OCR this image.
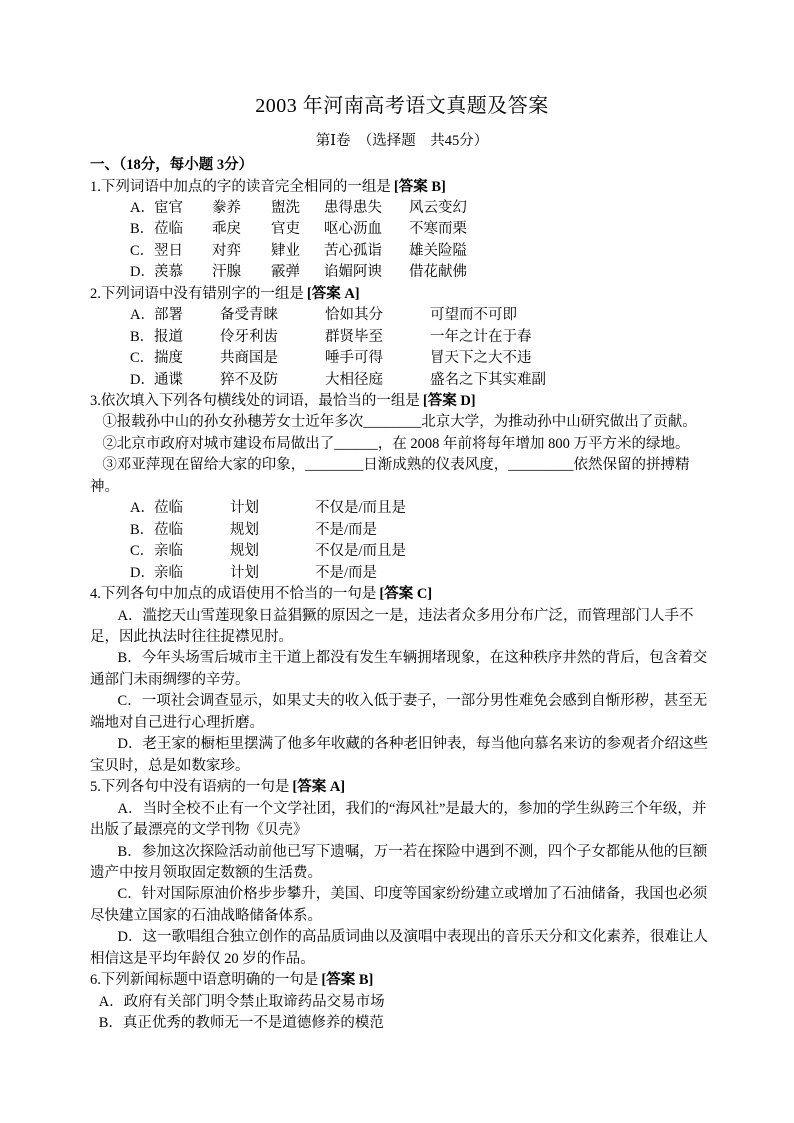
2003 年河南高考语文真题及答案

第Ⅰ卷　（选择题　共45分）

一、（18分，每小题 3分）

1.下列词语中加点的字的读音完全相同的一组是 [答案 B]

A． 宦官	豢养	盥洗	患得患失	风云变幻
B． 莅临	乖戾	官吏	呕心沥血	不寒而栗
C． 翌日	对弈	肄业	苦心孤诣	雄关险隘
D． 羡慕	汗腺	霰弹	谄媚阿谀	借花献佛

2.下列词语中没有错别字的一组是 [答案 A]

A． 部署	备受青睐	恰如其分	可望而不可即
B． 报道	伶牙利齿	群贤毕至	一年之计在于春
C． 揣度	共商国是	唾手可得	冒天下之大不违
D． 通谍	猝不及防	大相径庭	盛名之下其实难副

3.依次填入下列各句横线处的词语，最恰当的一组是 [答案 D]

①报载孙中山的孙女孙穗芳女士近年多次________北京大学，为推动孙中山研究做出了贡献。

②北京市政府对城市建设布局做出了______，在 2008 年前将每年增加 800 万平方米的绿地。

③邓亚萍现在留给大家的印象，________日渐成熟的仪表风度，_________依然保留的拼搏精神。

A． 莅临	计划	不仅是/而且是
B． 莅临	规划	不是/而是
C． 亲临	规划	不仅是/而且是
D． 亲临	计划	不是/而是

4.下列各句中加点的成语使用不恰当的一句是 [答案 C]

A．滥挖天山雪莲现象日益猖獗的原因之一是，违法者众多用分布广泛，而管理部门人手不足，因此执法时往往捉襟见肘。

B．今年头场雪后城市主干道上都没有发生车辆拥堵现象，在这种秩序井然的背后，包含着交通部门未雨绸缪的辛劳。

C．一项社会调查显示，如果丈夫的收入低于妻子，一部分男性难免会感到自惭形秽，甚至无端地对自己进行心理折磨。

D．老王家的橱柜里摆满了他多年收藏的各种老旧钟表，每当他向慕名来访的参观者介绍这些宝贝时，总是如数家珍。

5.下列各句中没有语病的一句是 [答案 A]

A．当时全校不止有一个文学社团，我们的“海风社”是最大的，参加的学生纵跨三个年级，并出版了最漂亮的文学刊物《贝壳》

B．参加这次探险活动前他已写下遗嘱，万一若在探险中遇到不测，四个子女都能从他的巨额遗产中按月领取固定数额的生活费。

C．针对国际原油价格步步攀升，美国、印度等国家纷纷建立或增加了石油储备，我国也必须尽快建立国家的石油战略储备体系。

D．这一歌唱组合独立创作的高品质词曲以及演唱中表现出的音乐天分和文化素养，很难让人相信这是平均年龄仅 20 岁的作品。

6.下列新闻标题中语意明确的一句是 [答案 B]

A．政府有关部门明令禁止取谛药品交易市场

B．真正优秀的教师无一不是道德修养的模范
